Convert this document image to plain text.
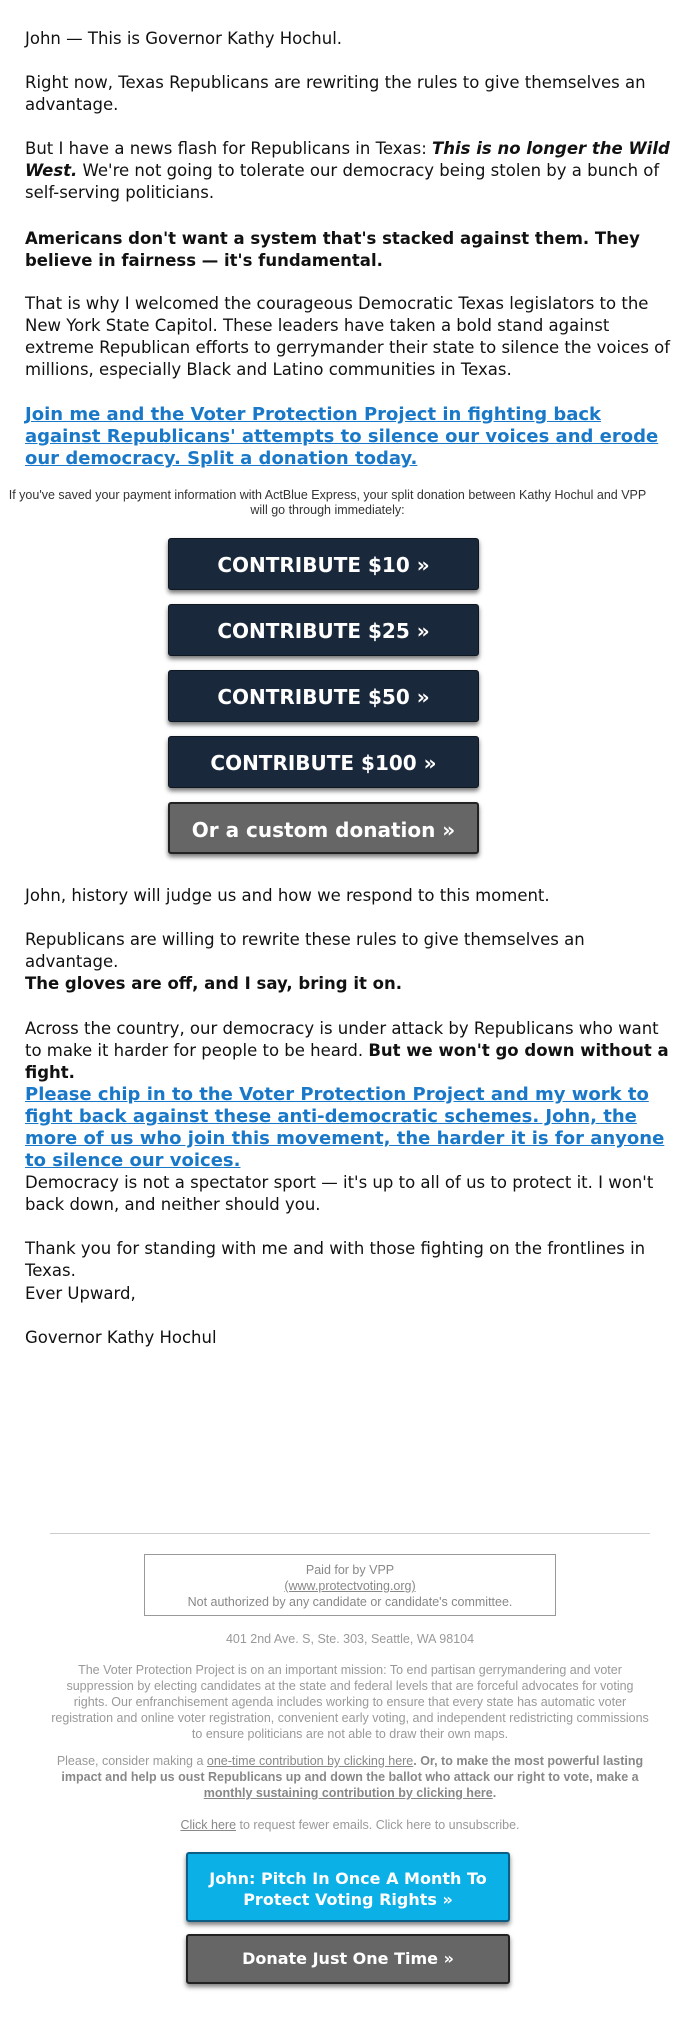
John — This is Governor Kathy Hochul.

Right now, Texas Republicans are rewriting the rules to give themselves an advantage.

But I have a news flash for Republicans in Texas: This is no longer the Wild West. We're not going to tolerate our democracy being stolen by a bunch of self-serving politicians.

Americans don't want a system that's stacked against them. They believe in fairness — it's fundamental.

That is why I welcomed the courageous Democratic Texas legislators to the New York State Capitol. These leaders have taken a bold stand against extreme Republican efforts to gerrymander their state to silence the voices of millions, especially Black and Latino communities in Texas.

Join me and the Voter Protection Project in fighting back against Republicans' attempts to silence our voices and erode our democracy. Split a donation today.
If you've saved your payment information with ActBlue Express, your split donation between Kathy Hochul and VPP will go through immediately:
CONTRIBUTE $10 »
CONTRIBUTE $25 »
CONTRIBUTE $50 »
CONTRIBUTE $100 »
Or a custom donation »

John, history will judge us and how we respond to this moment.

Republicans are willing to rewrite these rules to give themselves an advantage.

The gloves are off, and I say, bring it on.

Across the country, our democracy is under attack by Republicans who want to make it harder for people to be heard. But we won't go down without a fight.

Please chip in to the Voter Protection Project and my work to fight back against these anti-democratic schemes. John, the more of us who join this movement, the harder it is for anyone to silence our voices.

Democracy is not a spectator sport — it's up to all of us to protect it. I won't back down, and neither should you.

Thank you for standing with me and with those fighting on the frontlines in Texas.

Ever Upward,

Governor Kathy Hochul

Paid for by VPP
(www.protectvoting.org)
Not authorized by any candidate or candidate's committee.
401 2nd Ave. S, Ste. 303, Seattle, WA 98104
The Voter Protection Project is on an important mission: To end partisan gerrymandering and voter suppression by electing candidates at the state and federal levels that are forceful advocates for voting rights. Our enfranchisement agenda includes working to ensure that every state has automatic voter registration and online voter registration, convenient early voting, and independent redistricting commissions to ensure politicians are not able to draw their own maps.
Please, consider making a one-time contribution by clicking here. Or, to make the most powerful lasting impact and help us oust Republicans up and down the ballot who attack our right to vote, make a monthly sustaining contribution by clicking here.
Click here to request fewer emails. Click here to unsubscribe.
John: Pitch In Once A Month To Protect Voting Rights »
Donate Just One Time »
